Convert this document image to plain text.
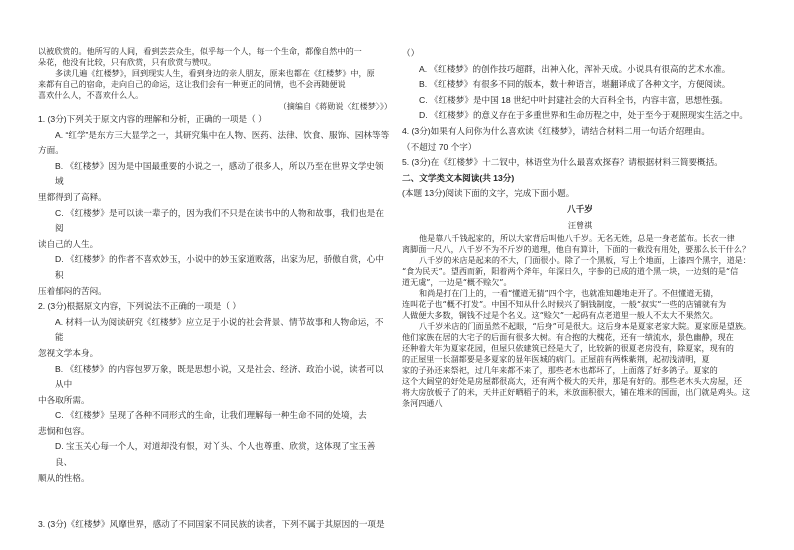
以被欣赏的。他所写的人间，看到芸芸众生，似乎每一个人，每一个生命，都像自然中的一

朵花，他没有比较，只有欣赏，只有欣赏与赞叹。

多读几遍《红楼梦》，回到现实人生，看到身边的亲人朋友，原来也都在《红楼梦》中，原

来都有自己的宿命，走向自己的命运，这让我们会有一种更正的同情，也不会再随便说

喜欢什么人，不喜欢什么人。

（摘编自《蒋勋说〈红楼梦〉》）

1. (3分)下列关于原文内容的理解和分析，正确的一项是（ ）

A. “红学”是东方三大显学之一，其研究集中在人物、医药、法律、饮食、服饰、园林等等

方面。

B. 《红楼梦》因为是中国最重要的小说之一，感动了很多人，所以乃至在世界文学史领域

里都得到了高释。

C. 《红楼梦》是可以读一辈子的，因为我们不只是在读书中的人物和故事，我们也是在阅

读自己的人生。

D. 《红楼梦》的作者不喜欢妙玉，小说中的妙玉家道败落，出家为尼，骄傲自赏，心中积

压着郁闷的苦闷。

2. (3分)根据原文内容，下列说法不正确的一项是（ ）

A. 材料一认为阅读研究《红楼梦》应立足于小说的社会背景、情节故事和人物命运，不能

忽视文学本身。

B. 《红楼梦》的内容包罗万象，既是思想小说，又是社会、经济、政治小说，读者可以从中

中各取所需。

C. 《红楼梦》呈现了各种不同形式的生命，让我们理解每一种生命不同的处境，去

悲悯和包容。

D. 宝玉关心每一个人，对道却没有恨，对丫头、个人也尊重、欣赏，这体现了宝玉善良、

顺从的性格。

3. (3分)《红楼梦》风靡世界，感动了不同国家不同民族的读者，下列不属于其原因的一项是

（）

A. 《红楼梦》的创作技巧超群，出神入化，浑补天成。小说具有很高的艺术水准。

B. 《红楼梦》有很多不同的版本，数十种语言，堪翻译成了各种文字，方便阅读。

C. 《红楼梦》是中国 18 世纪中叶封建社会的大百科全书，内容丰富，思想性强。

D. 《红楼梦》的意义存在于多重世界和生命历程之中，处于至今于观照现实生活之中。

4. (3分)如果有人问你为什么喜欢读《红楼梦》，请结合材料二用一句话介绍理由。

（不超过 70 个字）

5. (3分)在《红楼梦》十二钗中，林语堂为什么最喜欢探春？请根据材料三简要概括。

二、文学类文本阅读(共 13分)

(本题 13分)阅读下面的文字，完成下面小题。

八千岁

汪曾祺

他是靠八千钱起家的，所以大家背后叫他八千岁。无名无姓，总是一身老蓝布。长衣一律

离脚面一尺八，八千岁不为不斤岁的道理，他自有算计，下面的一截没有用处，要那么长干什么？

八千岁的米店是起来的不大，门面很小。除了一个黑板，写上个地面，上漆四个黑字，道是：

“食为民天”。望西而新，阳着两个斧年，年深日久，字参的已成的道个黑一块，一边刻的是“信

道无虞”，一边是“概不赊欠”。

和尚是打在门上的，一看“懂道无猜”四个字，也就准知趣地走开了。不但懂道无猜，

连叫花子也“概不打发”。中国不知从什么时候兴了铜钱制度，一般“叔实”一些的店铺就有为

人做便大多数，铜钱不过是个名义。这“赊欠”一起码有点老道里一般人不太大不果然欠。

八千岁米店的门面虽然不起眼，“后身”可是很大。这后身本是夏家老家大院。夏家原是望族。

他们家族在居的大宅子的后面有很多大树。有合抱的大槐花，还有一绩流水，景色幽静，现在

还种着大年为夏家花园，但屋只依建筑已经是大了，比较新的很夏老房没有，除夏家，现有的

的正屋里一长溜都要是多夏家的显年医城的病门。正屋前有两株紫荆，起初浅清明，夏

家的子孙还来祭祀，过几年来都不来了，那些老木也都坏了，上面落了好多鸽子。夏家的

这个大阔堂的好处是房屋都很高大，还有两个极大的天井，那是有好的。那些老木头大房屋，还

将大房放板子了的米，天井正好晒稻子的米，米放面积很大，铺在堆米的国面，出门就是鸡头。这条河四通八
